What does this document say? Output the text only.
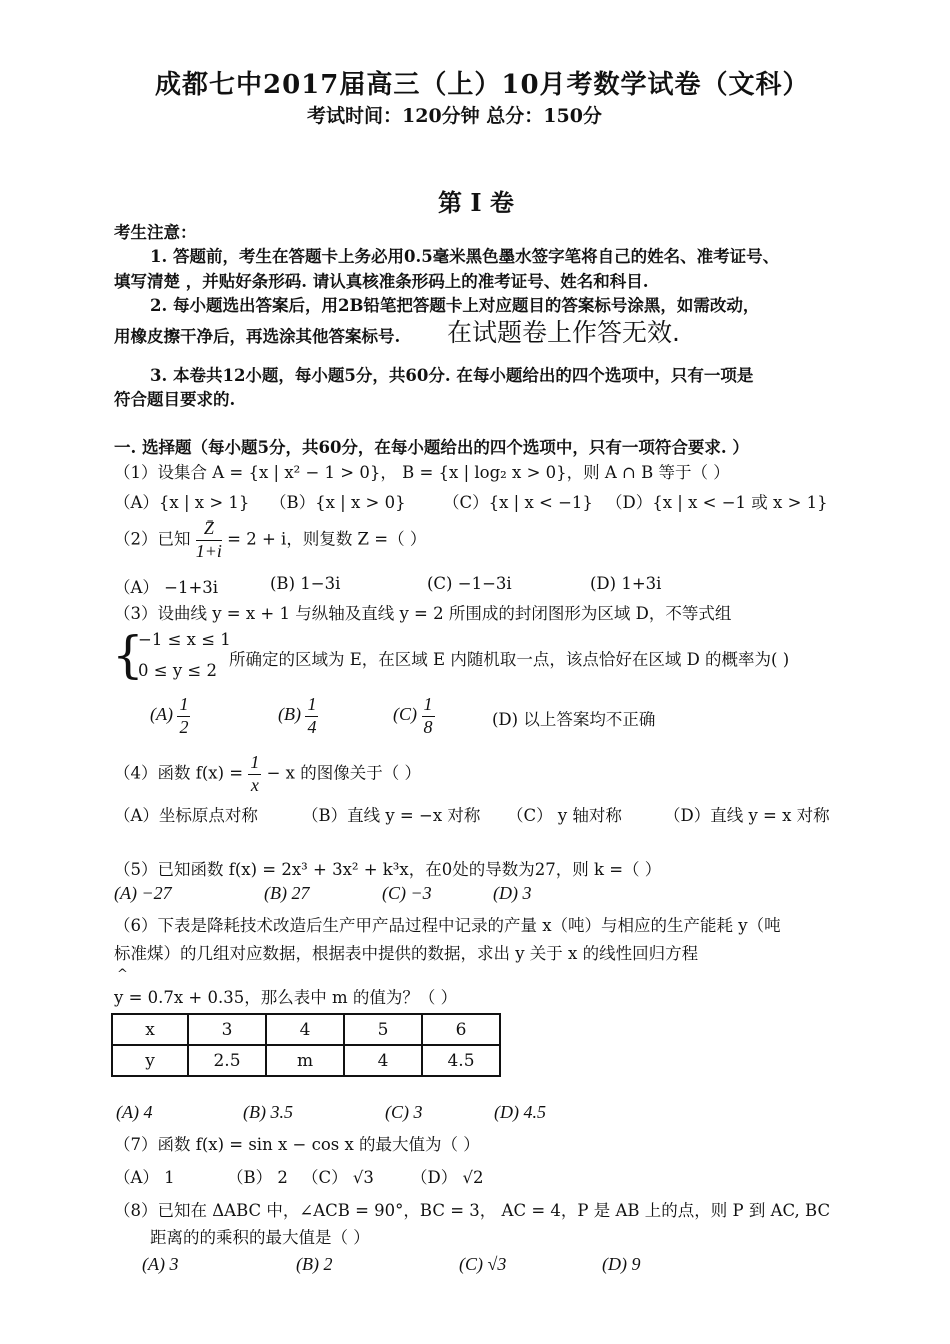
成都七中2017届高三（上）10月考数学试卷（文科）
考试时间：120分钟 总分：150分
第 I 卷
考生注意：
1. 答题前，考生在答题卡上务必用0.5毫米黑色墨水签字笔将自己的姓名、准考证号、
填写清楚 ，并贴好条形码. 请认真核准条形码上的准考证号、姓名和科目.
2. 每小题选出答案后，用2B铅笔把答题卡上对应题目的答案标号涂黑，如需改动，
用橡皮擦干净后，再选涂其他答案标号. 在试题卷上作答无效.
3. 本卷共12小题，每小题5分，共60分. 在每小题给出的四个选项中，只有一项是
符合题目要求的.
一. 选择题（每小题5分，共60分，在每小题给出的四个选项中，只有一项符合要求. ）
（1）设集合 A = {x | x² − 1 > 0}， B = {x | log₂ x > 0}，则 A ∩ B 等于（ ）
（A）{x | x > 1} （B）{x | x > 0} （C）{x | x < −1} （D）{x | x < −1 或 x > 1}
（2）已知 $\frac{Z̄}{1+i} = 2 + i$，则复数 Z =（ ）
（A） −1+3i	(B) 1−3i	(C) −1−3i	(D) 1+3i
（3）设曲线 y = x + 1 与纵轴及直线 y = 2 所围成的封闭图形为区域 D，不等式组
{
−1 ≤ x ≤ 1
0 ≤ y ≤ 2
所确定的区域为 E，在区域 E 内随机取一点，该点恰好在区域 D 的概率为( )
$(A) \frac{1}{2}$	$(B) \frac{1}{4}$	$(C) \frac{1}{8}$	(D) 以上答案均不正确
（4）函数 $f(x) = \frac{1}{x} - x$ 的图像关于（ ）
（A）坐标原点对称	（B）直线 y = −x 对称 （C） y 轴对称	（D）直线 y = x 对称
（5）已知函数 f(x) = 2x³ + 3x² + k³x，在0处的导数为27，则 k =（ ）
(A) −27	(B) 27	(C) −3	(D) 3
（6）下表是降耗技术改造后生产甲产品过程中记录的产量 x（吨）与相应的生产能耗 y（吨
标准煤）的几组对应数据，根据表中提供的数据，求出 y 关于 x 的线性回归方程
^
y = 0.7x + 0.35，那么表中 m 的值为？（ ）
x	3	4	5	6
y	2.5	m	4	4.5
(A) 4	(B) 3.5	(C) 3	(D) 4.5
（7）函数 f(x) = sin x − cos x 的最大值为（ ）
（A） 1	（B） 2 （C） √3 （D） √2
（8）已知在 ΔABC 中，∠ACB = 90°，BC = 3， AC = 4，P 是 AB 上的点，则 P 到 AC, BC
距离的的乘积的最大值是（ ）
(A) 3	(B) 2	(C) √3	(D) 9
